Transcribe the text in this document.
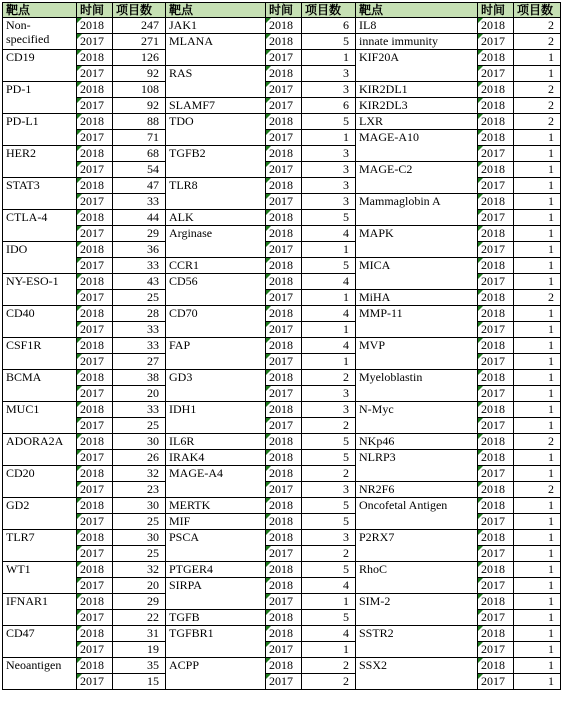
靶点	时间	项目数	靶点	时间	项目数	靶点	时间	项目数
Non-specified	2018	247	JAK1	2018	6	IL8	2018	2
	2017	271	MLANA	2018	5	innate immunity	2017	2
CD19	2018	126		2017	1	KIF20A	2018	1
	2017	92	RAS	2018	3		2017	1
PD-1	2018	108		2017	3	KIR2DL1	2018	2
	2017	92	SLAMF7	2017	6	KIR2DL3	2018	2
PD-L1	2018	88	TDO	2018	5	LXR	2018	2
	2017	71		2017	1	MAGE-A10	2018	1
HER2	2018	68	TGFB2	2018	3		2017	1
	2017	54		2017	3	MAGE-C2	2018	1
STAT3	2018	47	TLR8	2018	3		2017	1
	2017	33		2017	3	Mammaglobin A	2018	1
CTLA-4	2018	44	ALK	2018	5		2017	1
	2017	29	Arginase	2018	4	MAPK	2018	1
IDO	2018	36		2017	1		2017	1
	2017	33	CCR1	2018	5	MICA	2018	1
NY-ESO-1	2018	43	CD56	2018	4		2017	1
	2017	25		2017	1	MiHA	2018	2
CD40	2018	28	CD70	2018	4	MMP-11	2018	1
	2017	33		2017	1		2017	1
CSF1R	2018	33	FAP	2018	4	MVP	2018	1
	2017	27		2017	1		2017	1
BCMA	2018	38	GD3	2018	2	Myeloblastin	2018	1
	2017	20		2017	3		2017	1
MUC1	2018	33	IDH1	2018	3	N-Myc	2018	1
	2017	25		2017	2		2017	1
ADORA2A	2018	30	IL6R	2018	5	NKp46	2018	2
	2017	26	IRAK4	2018	5	NLRP3	2018	1
CD20	2018	32	MAGE-A4	2018	2		2017	1
	2017	23		2017	3	NR2F6	2018	2
GD2	2018	30	MERTK	2018	5	Oncofetal Antigen	2018	1
	2017	25	MIF	2018	5		2017	1
TLR7	2018	30	PSCA	2018	3	P2RX7	2018	1
	2017	25		2017	2		2017	1
WT1	2018	32	PTGER4	2018	5	RhoC	2018	1
	2017	20	SIRPA	2018	4		2017	1
IFNAR1	2018	29		2017	1	SIM-2	2018	1
	2017	22	TGFB	2018	5		2017	1
CD47	2018	31	TGFBR1	2018	4	SSTR2	2018	1
	2017	19		2017	1		2017	1
Neoantigen	2018	35	ACPP	2018	2	SSX2	2018	1
	2017	15		2017	2		2017	1
